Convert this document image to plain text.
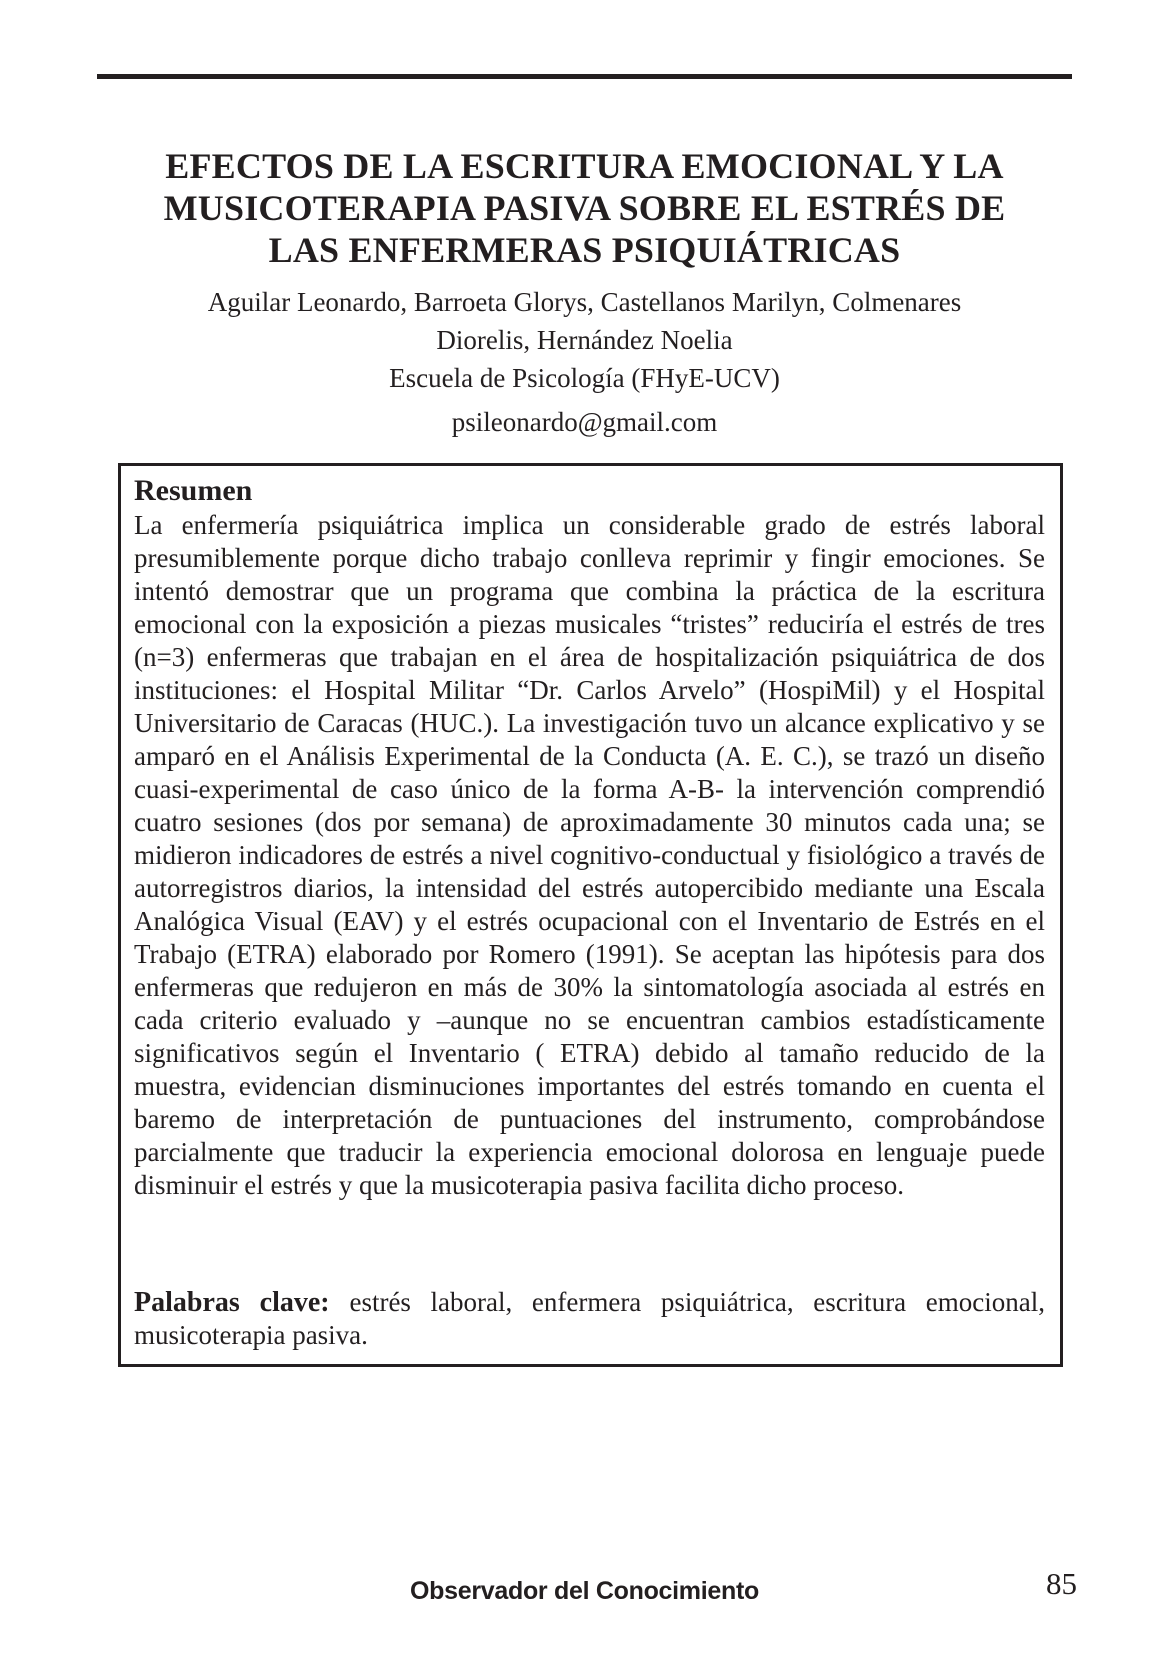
EFECTOS DE LA ESCRITURA EMOCIONAL Y LA
MUSICOTERAPIA PASIVA SOBRE EL ESTRÉS DE
LAS ENFERMERAS PSIQUIÁTRICAS
Aguilar Leonardo, Barroeta Glorys, Castellanos Marilyn, Colmenares
Diorelis, Hernández Noelia
Escuela de Psicología (FHyE-UCV)
psileonardo@gmail.com
Resumen

La enfermería psiquiátrica implica un considerable grado de estrés laboral presumiblemente porque dicho trabajo conlleva reprimir y fingir emociones. Se intentó demostrar que un programa que combina la práctica de la escritura emocional con la exposición a piezas musicales “tristes” reduciría el estrés de tres (n=3) enfermeras que trabajan en el área de hospitalización psiquiátrica de dos instituciones: el Hospital Militar “Dr. Carlos Arvelo” (HospiMil) y el Hospital Universitario de Caracas (HUC.). La investigación tuvo un alcance explicativo y se amparó en el Análisis Experimental de la Conducta (A. E. C.), se trazó un diseño cuasi-experimental de caso único de la forma A-B- la intervención comprendió cuatro sesiones (dos por semana) de aproximadamente 30 minutos cada una; se midieron indicadores de estrés a nivel cognitivo-conductual y fisiológico a través de autorregistros diarios, la intensidad del estrés autopercibido mediante una Escala Analógica Visual (EAV) y el estrés ocupacional con el Inventario de Estrés en el Trabajo (ETRA) elaborado por Romero (1991). Se aceptan las hipótesis para dos enfermeras que redujeron en más de 30% la sintomatología asociada al estrés en cada criterio evaluado y –aunque no se encuentran cambios estadísticamente significativos según el Inventario ( ETRA) debido al tamaño reducido de la muestra, evidencian disminuciones importantes del estrés tomando en cuenta el baremo de interpretación de puntuaciones del instrumento, comprobándose parcialmente que traducir la experiencia emocional dolorosa en lenguaje puede disminuir el estrés y que la musicoterapia pasiva facilita dicho proceso.

Palabras clave: estrés laboral, enfermera psiquiátrica, escritura emocional, musicoterapia pasiva.

Observador del Conocimiento	85
